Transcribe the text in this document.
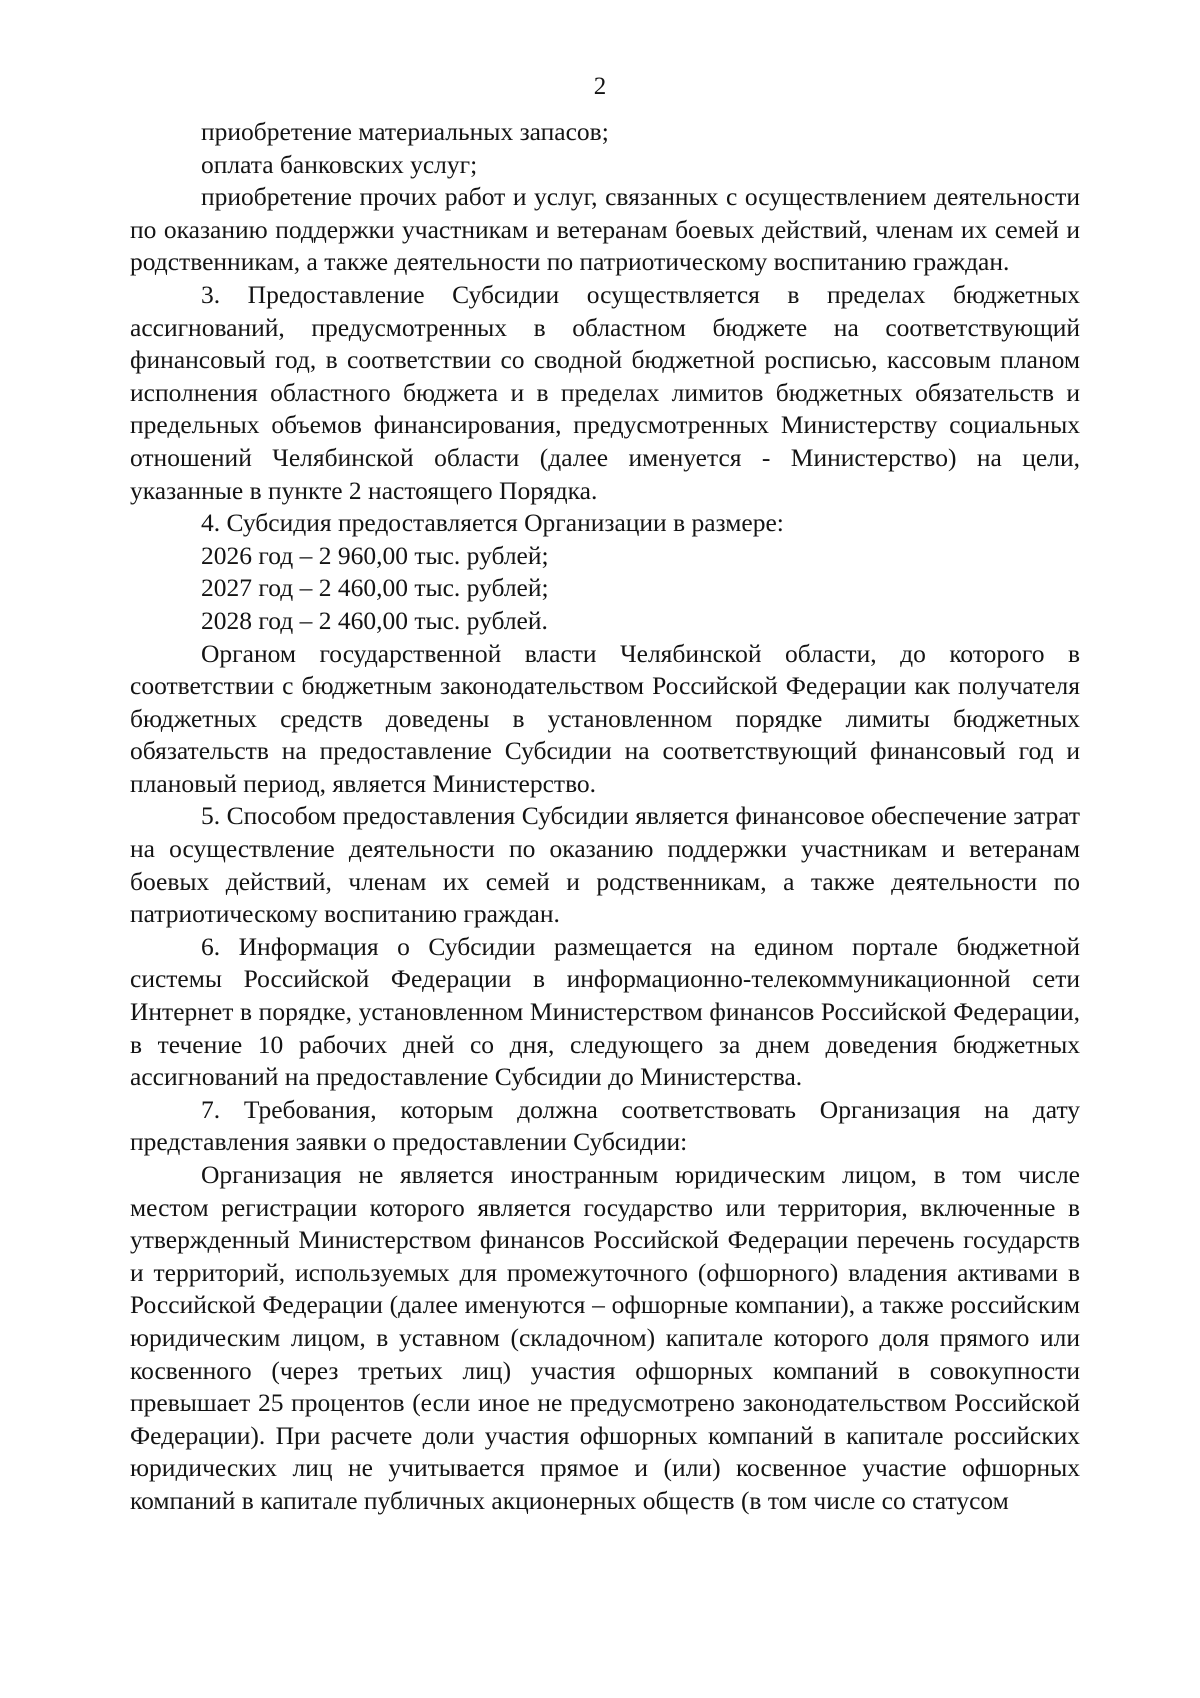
2

приобретение материальных запасов;

оплата банковских услуг;

приобретение прочих работ и услуг, связанных с осуществлением деятельности по оказанию поддержки участникам и ветеранам боевых действий, членам их семей и родственникам, а также деятельности по патриотическому воспитанию граждан.

3. Предоставление Субсидии осуществляется в пределах бюджетных ассигнований, предусмотренных в областном бюджете на соответствующий финансовый год, в соответствии со сводной бюджетной росписью, кассовым планом исполнения областного бюджета и в пределах лимитов бюджетных обязательств и предельных объемов финансирования, предусмотренных Министерству социальных отношений Челябинской области (далее именуется - Министерство) на цели, указанные в пункте 2 настоящего Порядка.

4. Субсидия предоставляется Организации в размере:

2026 год – 2 960,00 тыс. рублей;

2027 год – 2 460,00 тыс. рублей;

2028 год – 2 460,00 тыс. рублей.

Органом государственной власти Челябинской области, до которого в соответствии с бюджетным законодательством Российской Федерации как получателя бюджетных средств доведены в установленном порядке лимиты бюджетных обязательств на предоставление Субсидии на соответствующий финансовый год и плановый период, является Министерство.

5. Способом предоставления Субсидии является финансовое обеспечение затрат на осуществление деятельности по оказанию поддержки участникам и ветеранам боевых действий, членам их семей и родственникам, а также деятельности по патриотическому воспитанию граждан.

6. Информация о Субсидии размещается на едином портале бюджетной системы Российской Федерации в информационно-телекоммуникационной сети Интернет в порядке, установленном Министерством финансов Российской Федерации, в течение 10 рабочих дней со дня, следующего за днем доведения бюджетных ассигнований на предоставление Субсидии до Министерства.

7. Требования, которым должна соответствовать Организация на дату представления заявки о предоставлении Субсидии:

Организация не является иностранным юридическим лицом, в том числе местом регистрации которого является государство или территория, включенные в утвержденный Министерством финансов Российской Федерации перечень государств и территорий, используемых для промежуточного (офшорного) владения активами в Российской Федерации (далее именуются – офшорные компании), а также российским юридическим лицом, в уставном (складочном) капитале которого доля прямого или косвенного (через третьих лиц) участия офшорных компаний в совокупности превышает 25 процентов (если иное не предусмотрено законодательством Российской Федерации). При расчете доли участия офшорных компаний в капитале российских юридических лиц не учитывается прямое и (или) косвенное участие офшорных компаний в капитале публичных акционерных обществ (в том числе со статусом
